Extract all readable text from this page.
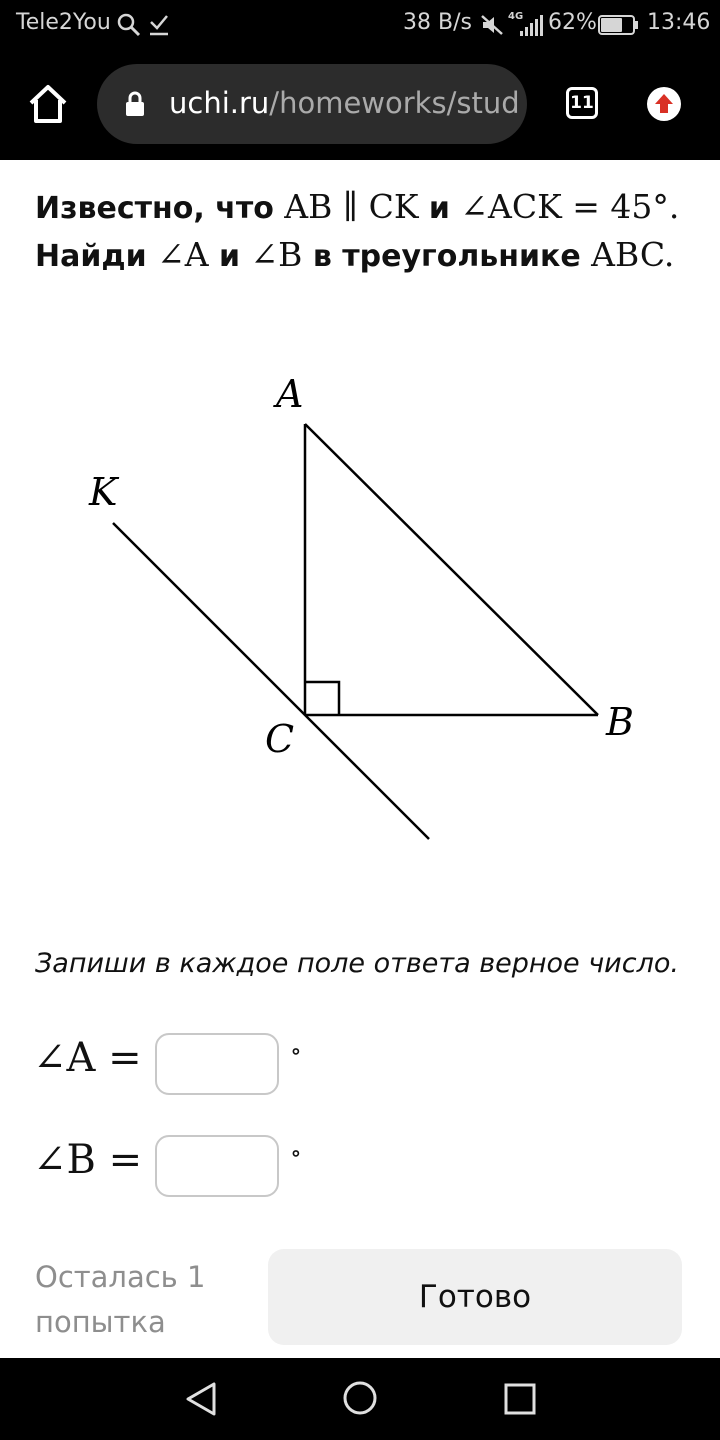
Tele2You	38 B/s	4G 62% 13:46
uchi.ru/homeworks/stud	11
Известно, что AB ∥ CK и ∠ACK = 45°.
Найди ∠A и ∠B в треугольнике ABC.
A
B
C
K
Запиши в каждое поле ответа верное число.
∠A =	∘
∠B =	∘
Осталась 1 попытка
Готово
